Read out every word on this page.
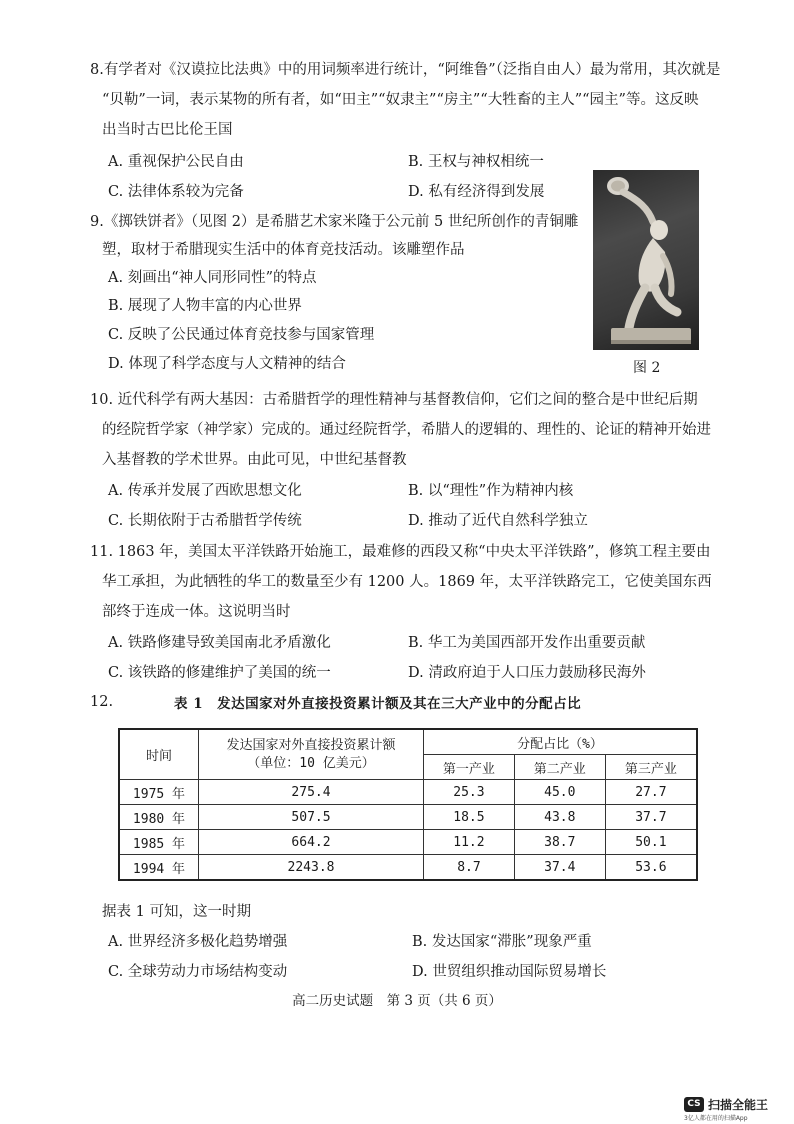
8.有学者对《汉谟拉比法典》中的用词频率进行统计，“阿维鲁”（泛指自由人）最为常用，其次就是
“贝勒”一词，表示某物的所有者，如“田主”“奴隶主”“房主”“大牲畜的主人”“园主”等。这反映
出当时古巴比伦王国
A. 重视保护公民自由	B. 王权与神权相统一
C. 法律体系较为完备	D. 私有经济得到发展
9.《掷铁饼者》（见图 2）是希腊艺术家米隆于公元前 5 世纪所创作的青铜雕
塑，取材于希腊现实生活中的体育竞技活动。该雕塑作品
A. 刻画出“神人同形同性”的特点
B. 展现了人物丰富的内心世界
C. 反映了公民通过体育竞技参与国家管理
D. 体现了科学态度与人文精神的结合	图 2
10. 近代科学有两大基因：古希腊哲学的理性精神与基督教信仰，它们之间的整合是中世纪后期
的经院哲学家（神学家）完成的。通过经院哲学，希腊人的逻辑的、理性的、论证的精神开始进
入基督教的学术世界。由此可见，中世纪基督教
A. 传承并发展了西欧思想文化	B. 以“理性”作为精神内核
C. 长期依附于古希腊哲学传统	D. 推动了近代自然科学独立
11. 1863 年，美国太平洋铁路开始施工，最难修的西段又称“中央太平洋铁路”，修筑工程主要由
华工承担，为此牺牲的华工的数量至少有 1200 人。1869 年，太平洋铁路完工，它使美国东西
部终于连成一体。这说明当时
A. 铁路修建导致美国南北矛盾激化	B. 华工为美国西部开发作出重要贡献
C. 该铁路的修建维护了美国的统一	D. 清政府迫于人口压力鼓励移民海外
12.	表 1　发达国家对外直接投资累计额及其在三大产业中的分配占比
时间	发达国家对外直接投资累计额
（单位：10 亿美元）	分配占比（%）		
		第一产业	第二产业	第三产业
1975 年	275.4	25.3	45.0	27.7
1980 年	507.5	18.5	43.8	37.7
1985 年	664.2	11.2	38.7	50.1
1994 年	2243.8	8.7	37.4	53.6
据表 1 可知，这一时期
A. 世界经济多极化趋势增强	B. 发达国家“滞胀”现象严重
C. 全球劳动力市场结构变动	D. 世贸组织推动国际贸易增长
高二历史试题　第 3 页（共 6 页）
CS 扫描全能王
3亿人都在用的扫描App
